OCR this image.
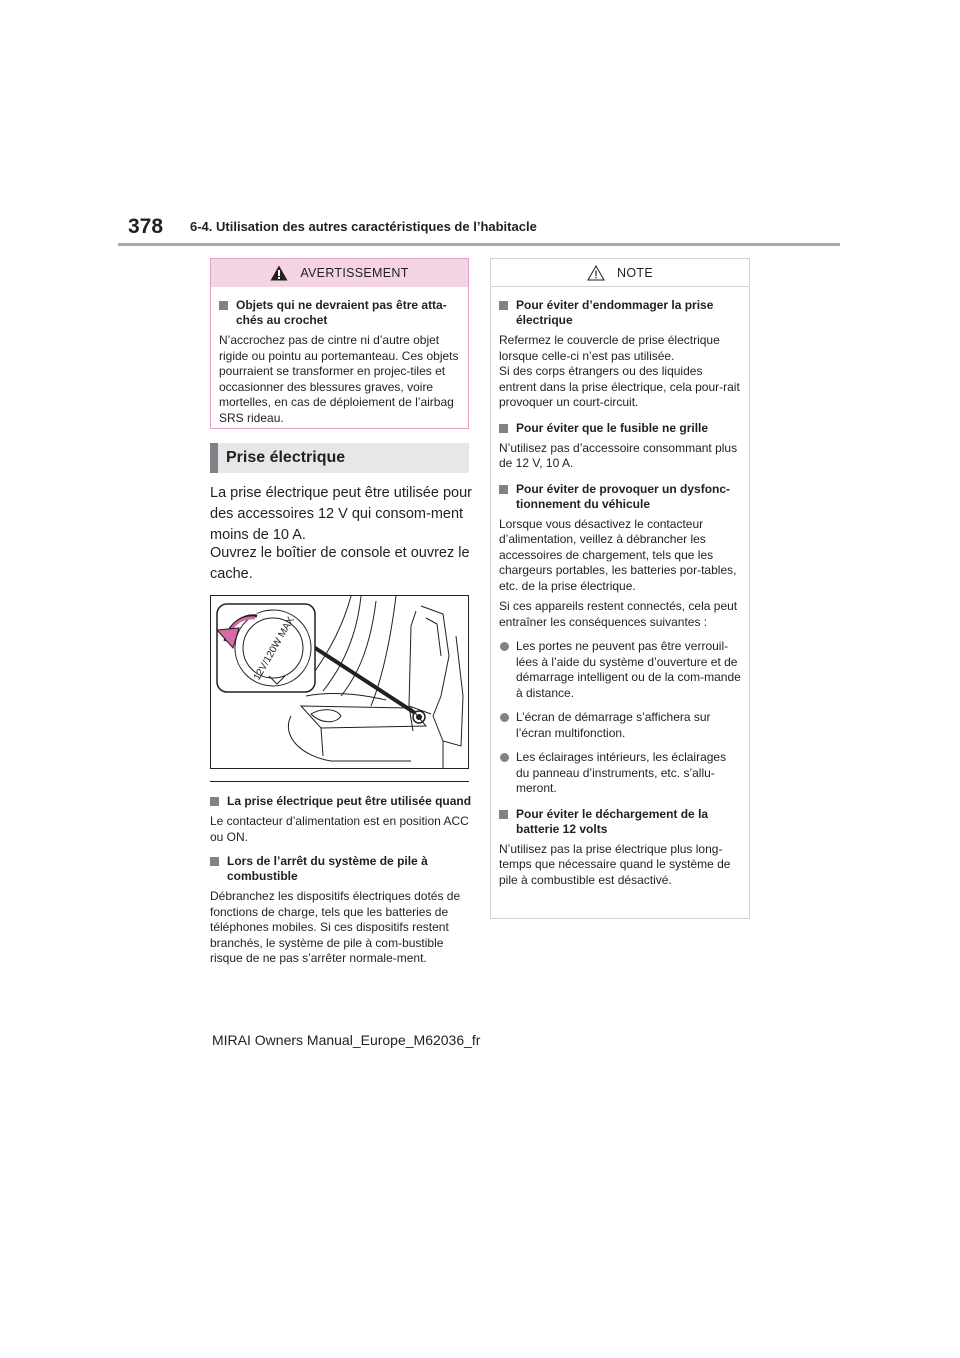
378 6-4. Utilisation des autres caractéristiques de l’habitacle
AVERTISSEMENT
Objets qui ne devraient pas être atta-chés au crochet
N’accrochez pas de cintre ni d’autre objet rigide ou pointu au portemanteau. Ces objets pourraient se transformer en projec-tiles et occasionner des blessures graves, voire mortelles, en cas de déploiement de l’airbag SRS rideau.
Prise électrique
La prise électrique peut être utilisée pour des accessoires 12 V qui consom-ment moins de 10 A.
Ouvrez le boîtier de console et ouvrez le cache.
12V/120W MAX
La prise électrique peut être utilisée quand
Le contacteur d’alimentation est en position ACC ou ON.
Lors de l’arrêt du système de pile à combustible
Débranchez les dispositifs électriques dotés de fonctions de charge, tels que les batteries de téléphones mobiles. Si ces dispositifs restent branchés, le système de pile à com-bustible risque de ne pas s’arrêter normale-ment.
NOTE
Pour éviter d’endommager la prise électrique
Refermez le couvercle de prise électrique lorsque celle-ci n’est pas utilisée.
Si des corps étrangers ou des liquides entrent dans la prise électrique, cela pour-rait provoquer un court-circuit.
Pour éviter que le fusible ne grille
N’utilisez pas d’accessoire consommant plus de 12 V, 10 A.
Pour éviter de provoquer un dysfonc-tionnement du véhicule
Lorsque vous désactivez le contacteur d’alimentation, veillez à débrancher les accessoires de chargement, tels que les chargeurs portables, les batteries por-tables, etc. de la prise électrique.
Si ces appareils restent connectés, cela peut entraîner les conséquences suivantes :
Les portes ne peuvent pas être verrouil-lées à l’aide du système d’ouverture et de démarrage intelligent ou de la com-mande à distance.
L’écran de démarrage s’affichera sur l’écran multifonction.
Les éclairages intérieurs, les éclairages du panneau d’instruments, etc. s’allu-meront.
Pour éviter le déchargement de la batterie 12 volts
N’utilisez pas la prise électrique plus long-temps que nécessaire quand le système de pile à combustible est désactivé.
MIRAI Owners Manual_Europe_M62036_fr
